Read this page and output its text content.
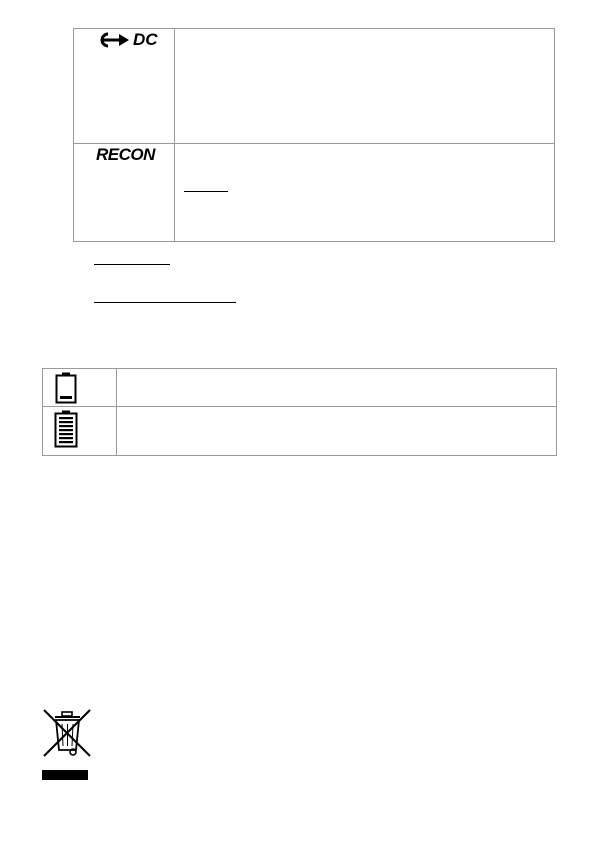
DC
RECON
